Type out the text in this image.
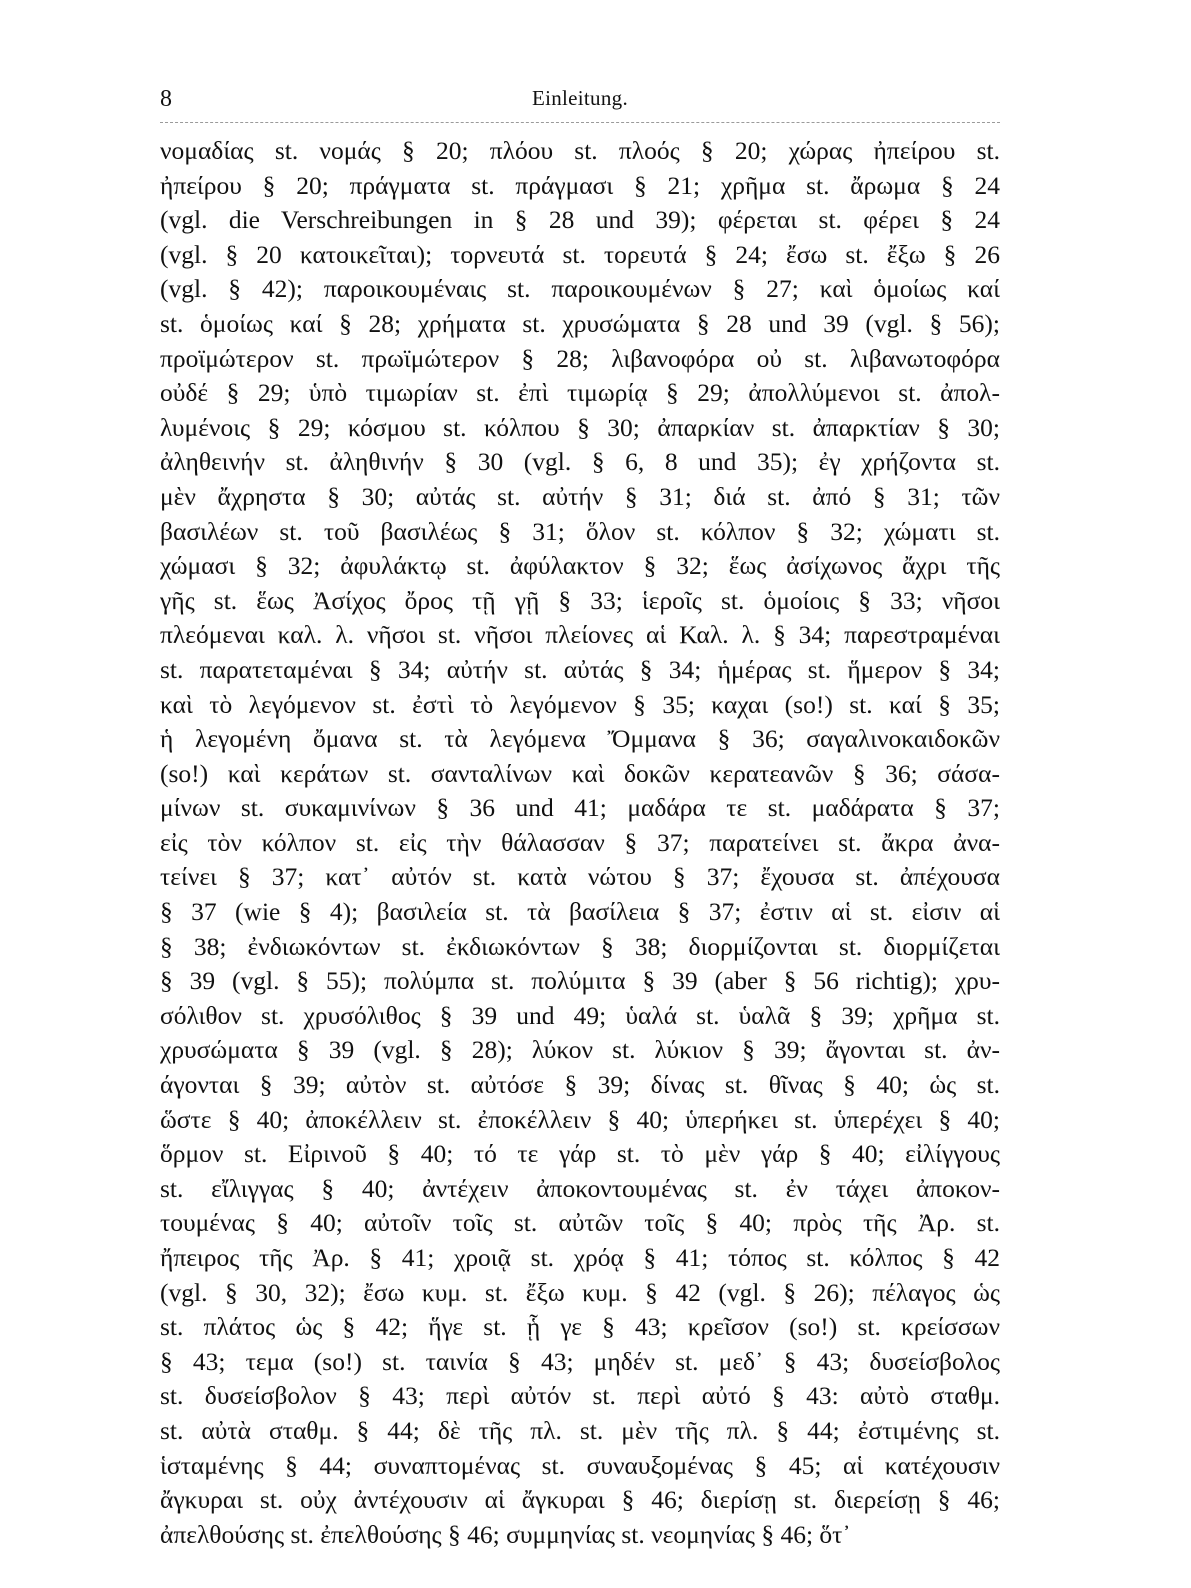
8	Einleitung.
νομαδίας st. νομάς § 20; πλόου st. πλοός § 20; χώρας ἠπείρου st.
ἠπείρου § 20; πράγματα st. πράγμασι § 21; χρῆμα st. ἄρωμα § 24
(vgl. die Verschreibungen in § 28 und 39); φέρεται st. φέρει § 24
(vgl. § 20 κατοικεῖται); τορνευτά st. τορευτά § 24; ἔσω st. ἔξω § 26
(vgl. § 42); παροικουμέναις st. παροικουμένων § 27; καὶ ὁμοίως καί
st. ὁμοίως καί § 28; χρήματα st. χρυσώματα § 28 und 39 (vgl. § 56);
προϊμώτερον st. πρωϊμώτερον § 28; λιβανοφόρα οὐ st. λιβανωτοφόρα
οὐδέ § 29; ὑπὸ τιμωρίαν st. ἐπὶ τιμωρίᾳ § 29; ἀπολλύμενοι st. ἀπολ-
λυμένοις § 29; κόσμου st. κόλπου § 30; ἀπαρκίαν st. ἀπαρκτίαν § 30;
ἀληθεινήν st. ἀληθινήν § 30 (vgl. § 6, 8 und 35); ἐγ χρήζοντα st.
μὲν ἄχρηστα § 30; αὐτάς st. αὐτήν § 31; διά st. ἀπό § 31; τῶν
βασιλέων st. τοῦ βασιλέως § 31; ὅλον st. κόλπον § 32; χώματι st.
χώμασι § 32; ἀφυλάκτῳ st. ἀφύλακτον § 32; ἕως ἀσίχωνος ἄχρι τῆς
γῆς st. ἕως Ἀσίχος ὄρος τῇ γῇ § 33; ἱεροῖς st. ὁμοίοις § 33; νῆσοι
πλεόμεναι καλ. λ. νῆσοι st. νῆσοι πλείονες αἱ Καλ. λ. § 34; παρεστραμέναι
st. παρατεταμέναι § 34; αὐτήν st. αὐτάς § 34; ἡμέρας st. ἥμερον § 34;
καὶ τὸ λεγόμενον st. ἐστὶ τὸ λεγόμενον § 35; καχαι (so!) st. καί § 35;
ἡ λεγομένη ὄμανα st. τὰ λεγόμενα Ὄμμανα § 36; σαγαλινοκαιδοκῶν
(so!) καὶ κεράτων st. σανταλίνων καὶ δοκῶν κερατεανῶν § 36; σάσα-
μίνων st. συκαμινίνων § 36 und 41; μαδάρα τε st. μαδάρατα § 37;
εἰς τὸν κόλπον st. εἰς τὴν θάλασσαν § 37; παρατείνει st. ἄκρα ἀνα-
τείνει § 37; κατ᾽ αὐτόν st. κατὰ νώτου § 37; ἔχουσα st. ἀπέχουσα
§ 37 (wie § 4); βασιλεία st. τὰ βασίλεια § 37; ἐστιν αἱ st. εἰσιν αἱ
§ 38; ἐνδιωκόντων st. ἐκδιωκόντων § 38; διορμίζονται st. διορμίζεται
§ 39 (vgl. § 55); πολύμπα st. πολύμιτα § 39 (aber § 56 richtig); χρυ-
σόλιθον st. χρυσόλιθος § 39 und 49; ὑαλά st. ὑαλᾶ § 39; χρῆμα st.
χρυσώματα § 39 (vgl. § 28); λύκον st. λύκιον § 39; ἄγονται st. ἀν-
άγονται § 39; αὐτὸν st. αὐτόσε § 39; δίνας st. θῖνας § 40; ὡς st.
ὥστε § 40; ἀποκέλλειν st. ἐποκέλλειν § 40; ὑπερήκει st. ὑπερέχει § 40;
ὅρμον st. Εἰρινοῦ § 40; τό τε γάρ st. τὸ μὲν γάρ § 40; εἰλίγγους
st. εἴλιγγας § 40; ἀντέχειν ἀποκοντουμένας st. ἐν τάχει ἀποκον-
τουμένας § 40; αὐτοῖν τοῖς st. αὐτῶν τοῖς § 40; πρὸς τῆς Ἀρ. st.
ἤπειρος τῆς Ἀρ. § 41; χροιᾷ st. χρόᾳ § 41; τόπος st. κόλπος § 42
(vgl. § 30, 32); ἔσω κυμ. st. ἔξω κυμ. § 42 (vgl. § 26); πέλαγος ὡς
st. πλάτος ὡς § 42; ἥγε st. ᾗ γε § 43; κρεῖσον (so!) st. κρείσσων
§ 43; τεμα (so!) st. ταινία § 43; μηδέν st. μεδ᾽ § 43; δυσείσβολος
st. δυσείσβολον § 43; περὶ αὐτόν st. περὶ αὐτό § 43: αὐτὸ σταθμ.
st. αὐτὰ σταθμ. § 44; δὲ τῆς πλ. st. μὲν τῆς πλ. § 44; ἐστιμένης st.
ἱσταμένης § 44; συναπτομένας st. συναυξομένας § 45; αἱ κατέχουσιν
ἄγκυραι st. οὐχ ἀντέχουσιν αἱ ἄγκυραι § 46; διερίσῃ st. διερείσῃ § 46;
ἀπελθούσης st. ἐπελθούσης § 46; συμμηνίας st. νεομηνίας § 46; ὅτ᾽
